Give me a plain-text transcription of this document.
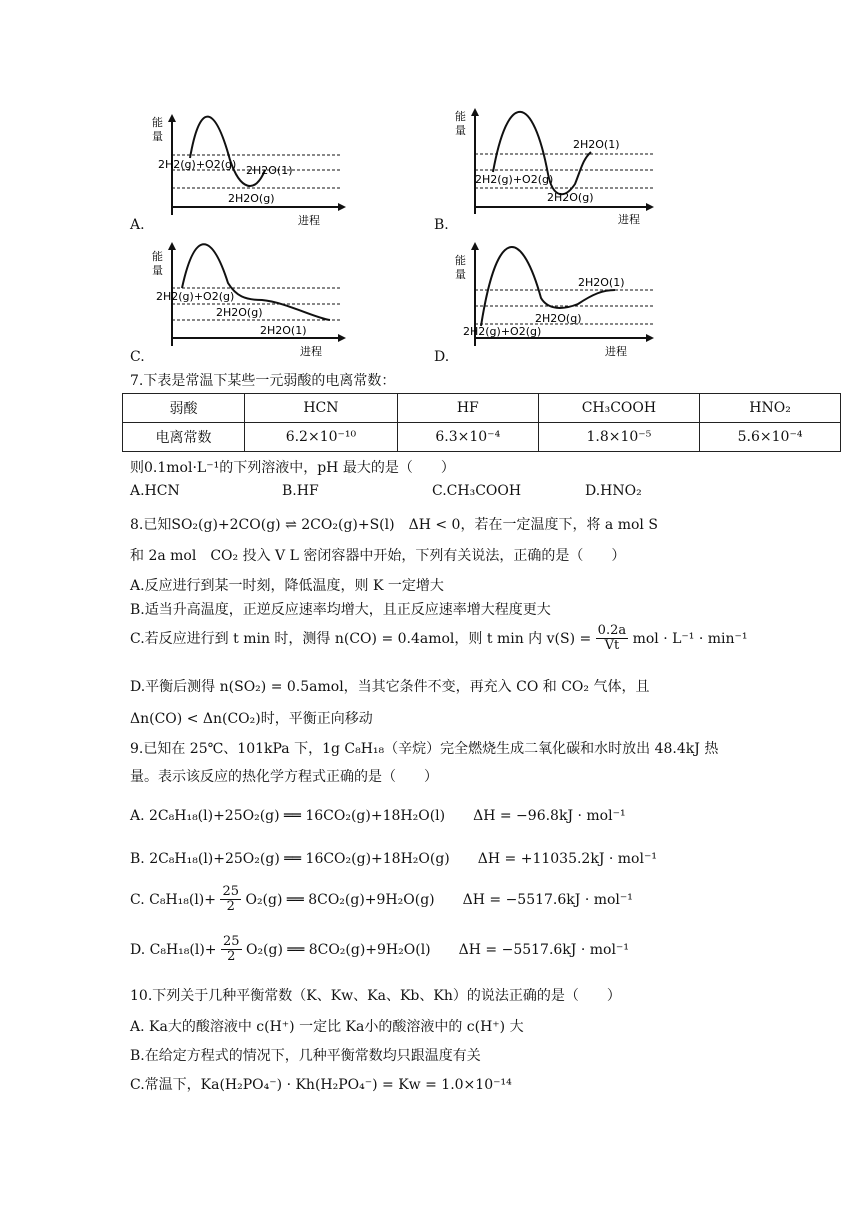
能
量
2H2(g)+O2(g) 2H2O(1)
2H2O(g)
进程
A.
能
量
2H2O(1)
2H2(g)+O2(g)
2H2O(g)
进程
B.
能
量
2H2(g)+O2(g)
2H2O(g)
2H2O(1)
进程
C.
能
量
2H2O(1)
2H2O(g)
2H2(g)+O2(g)
进程
D.
7.下表是常温下某些一元弱酸的电离常数：
弱酸	HCN	HF	CH₃COOH	HNO₂
电离常数	6.2×10⁻¹⁰	6.3×10⁻⁴	1.8×10⁻⁵	5.6×10⁻⁴
则0.1mol·L⁻¹的下列溶液中，pH 最大的是（　　）
A.HCN	B.HF	C.CH₃COOH	D.HNO₂
8.已知SO₂(g)+2CO(g) ⇌ 2CO₂(g)+S(l)　ΔH < 0，若在一定温度下，将 a mol S
和 2a mol　CO₂ 投入 V L 密闭容器中开始，下列有关说法，正确的是（　　）
A.反应进行到某一时刻，降低温度，则 K 一定增大
B.适当升高温度，正逆反应速率均增大，且正反应速率增大程度更大
C.若反应进行到 t min 时，测得 n(CO) = 0.4amol，则 t min 内 $v(S) = \frac{0.2a}{Vt}$ mol · L⁻¹ · min⁻¹
D.平衡后测得 n(SO₂) = 0.5amol，当其它条件不变，再充入 CO 和 CO₂ 气体，且
Δn(CO) < Δn(CO₂)时，平衡正向移动
9.已知在 25℃、101kPa 下，1g C₈H₁₈（辛烷）完全燃烧生成二氧化碳和水时放出 48.4kJ 热
量。表示该反应的热化学方程式正确的是（　　）
A. 2C₈H₁₈(l)+25O₂(g) ══ 16CO₂(g)+18H₂O(l)　　ΔH = −96.8kJ · mol⁻¹
B. 2C₈H₁₈(l)+25O₂(g) ══ 16CO₂(g)+18H₂O(g)　　ΔH = +11035.2kJ · mol⁻¹
C. $C_8H_{18}(l)+ \frac{25}{2} O_2(g)$ ══ 8CO₂(g)+9H₂O(g)　　ΔH = −5517.6kJ · mol⁻¹
D. $C_8H_{18}(l)+ \frac{25}{2} O_2(g)$ ══ 8CO₂(g)+9H₂O(l)　　ΔH = −5517.6kJ · mol⁻¹
10.下列关于几种平衡常数（K、Kw、Ka、Kb、Kh）的说法正确的是（　　）
A. Ka大的酸溶液中 c(H⁺) 一定比 Ka小的酸溶液中的 c(H⁺) 大
B.在给定方程式的情况下，几种平衡常数均只跟温度有关
C.常温下，Ka(H₂PO₄⁻) · Kh(H₂PO₄⁻) = Kw = 1.0×10⁻¹⁴
